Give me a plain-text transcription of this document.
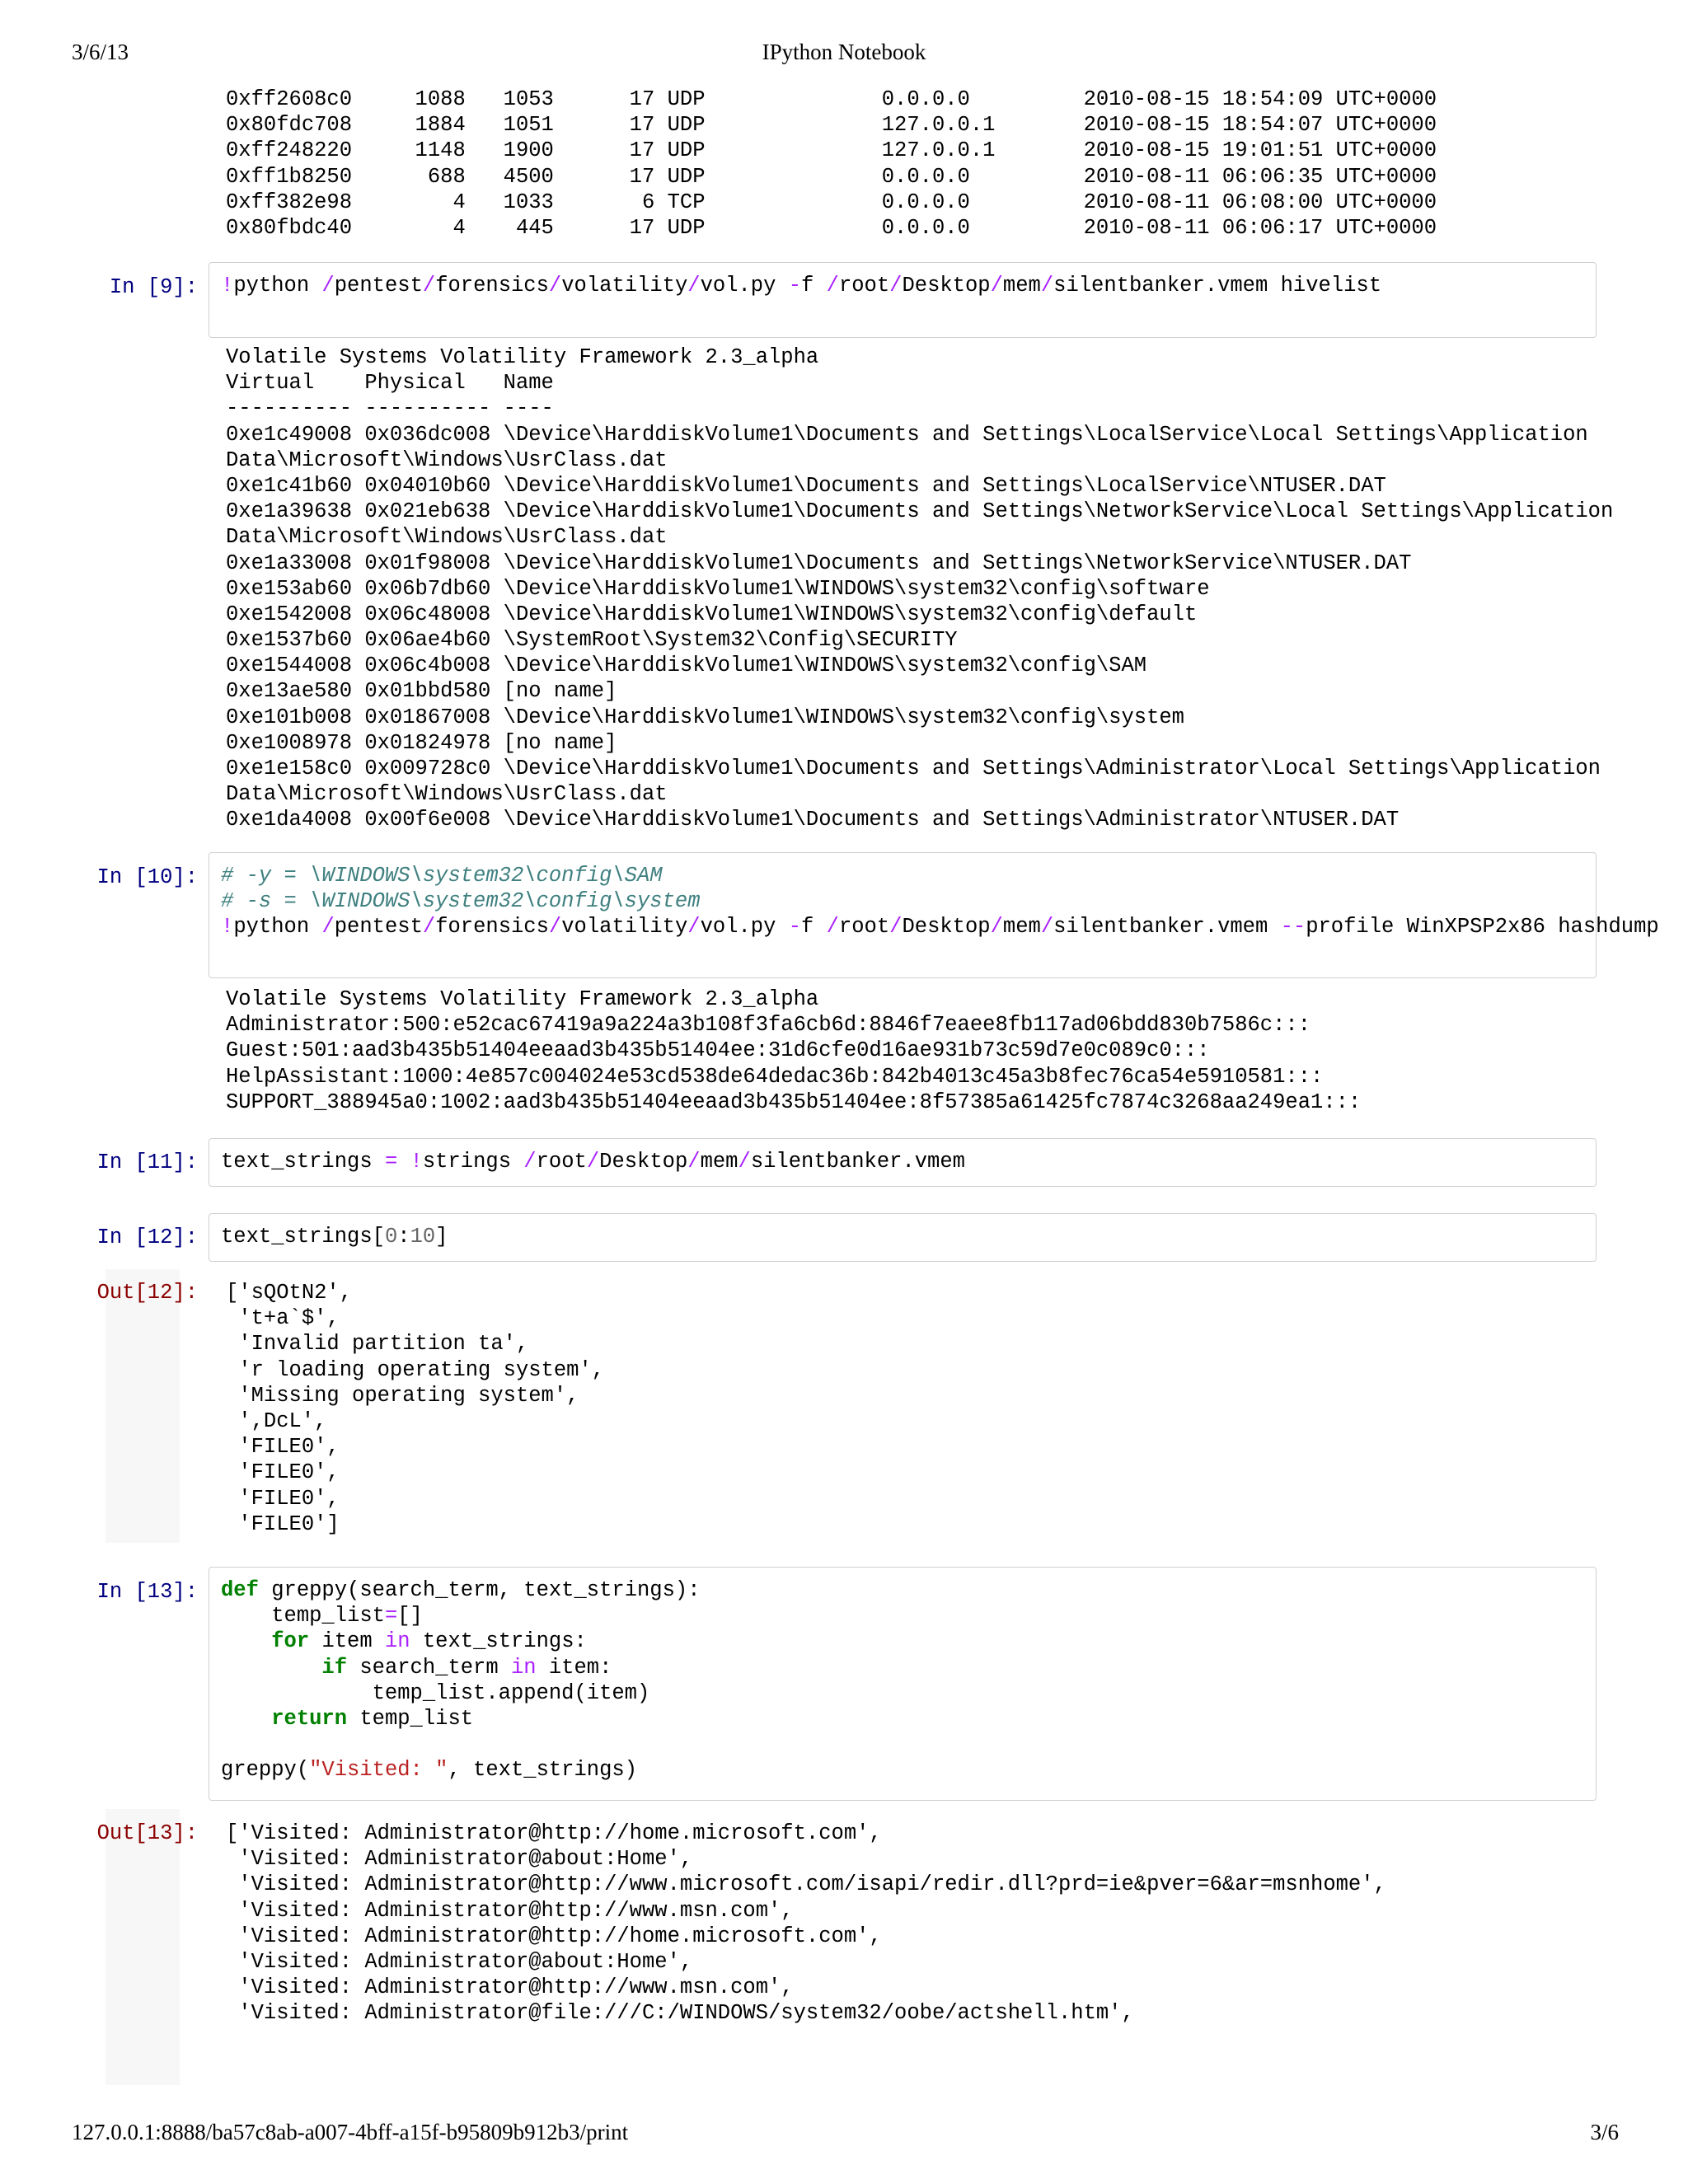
3/6/13	IPython Notebook
0xff2608c0     1088   1053      17 UDP              0.0.0.0         2010-08-15 18:54:09 UTC+0000
0x80fdc708     1884   1051      17 UDP              127.0.0.1       2010-08-15 18:54:07 UTC+0000
0xff248220     1148   1900      17 UDP              127.0.0.1       2010-08-15 19:01:51 UTC+0000
0xff1b8250      688   4500      17 UDP              0.0.0.0         2010-08-11 06:06:35 UTC+0000
0xff382e98        4   1033       6 TCP              0.0.0.0         2010-08-11 06:08:00 UTC+0000
0x80fbdc40        4    445      17 UDP              0.0.0.0         2010-08-11 06:06:17 UTC+0000
In [9]: !python /pentest/forensics/volatility/vol.py -f /root/Desktop/mem/silentbanker.vmem hivelist
Volatile Systems Volatility Framework 2.3_alpha
Virtual    Physical   Name
---------- ---------- ----
0xe1c49008 0x036dc008 \Device\HarddiskVolume1\Documents and Settings\LocalService\Local Settings\Application
Data\Microsoft\Windows\UsrClass.dat
0xe1c41b60 0x04010b60 \Device\HarddiskVolume1\Documents and Settings\LocalService\NTUSER.DAT
0xe1a39638 0x021eb638 \Device\HarddiskVolume1\Documents and Settings\NetworkService\Local Settings\Application
Data\Microsoft\Windows\UsrClass.dat
0xe1a33008 0x01f98008 \Device\HarddiskVolume1\Documents and Settings\NetworkService\NTUSER.DAT
0xe153ab60 0x06b7db60 \Device\HarddiskVolume1\WINDOWS\system32\config\software
0xe1542008 0x06c48008 \Device\HarddiskVolume1\WINDOWS\system32\config\default
0xe1537b60 0x06ae4b60 \SystemRoot\System32\Config\SECURITY
0xe1544008 0x06c4b008 \Device\HarddiskVolume1\WINDOWS\system32\config\SAM
0xe13ae580 0x01bbd580 [no name]
0xe101b008 0x01867008 \Device\HarddiskVolume1\WINDOWS\system32\config\system
0xe1008978 0x01824978 [no name]
0xe1e158c0 0x009728c0 \Device\HarddiskVolume1\Documents and Settings\Administrator\Local Settings\Application
Data\Microsoft\Windows\UsrClass.dat
0xe1da4008 0x00f6e008 \Device\HarddiskVolume1\Documents and Settings\Administrator\NTUSER.DAT
In [10]: # -y = \WINDOWS\system32\config\SAM
# -s = \WINDOWS\system32\config\system
!python /pentest/forensics/volatility/vol.py -f /root/Desktop/mem/silentbanker.vmem --profile WinXPSP2x86 hashdump
Volatile Systems Volatility Framework 2.3_alpha
Administrator:500:e52cac67419a9a224a3b108f3fa6cb6d:8846f7eaee8fb117ad06bdd830b7586c:::
Guest:501:aad3b435b51404eeaad3b435b51404ee:31d6cfe0d16ae931b73c59d7e0c089c0:::
HelpAssistant:1000:4e857c004024e53cd538de64dedac36b:842b4013c45a3b8fec76ca54e5910581:::
SUPPORT_388945a0:1002:aad3b435b51404eeaad3b435b51404ee:8f57385a61425fc7874c3268aa249ea1:::
In [11]: text_strings = !strings /root/Desktop/mem/silentbanker.vmem
In [12]: text_strings[0:10]
Out[12]: ['sQOtN2',
't+a`$',
'Invalid partition ta',
'r loading operating system',
'Missing operating system',
',DcL',
'FILE0',
'FILE0',
'FILE0',
'FILE0']
In [13]: def greppy(search_term, text_strings):
temp_list=[]
for item in text_strings:
if search_term in item:
temp_list.append(item)
return temp_list

greppy("Visited: ", text_strings)
Out[13]: ['Visited: Administrator@http://home.microsoft.com',
'Visited: Administrator@about:Home',
'Visited: Administrator@http://www.microsoft.com/isapi/redir.dll?prd=ie&pver=6&ar=msnhome',
'Visited: Administrator@http://www.msn.com',
'Visited: Administrator@http://home.microsoft.com',
'Visited: Administrator@about:Home',
'Visited: Administrator@http://www.msn.com',
'Visited: Administrator@file:///C:/WINDOWS/system32/oobe/actshell.htm',
127.0.0.1:8888/ba57c8ab-a007-4bff-a15f-b95809b912b3/print	3/6
